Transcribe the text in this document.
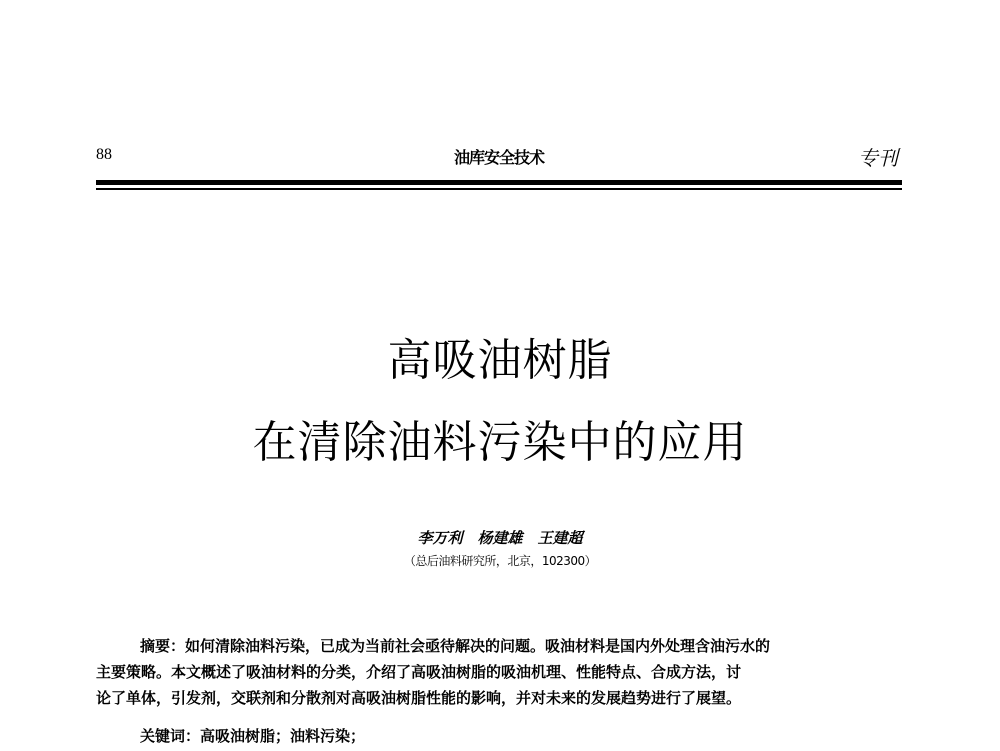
88	油库安全技术	专刊
高吸油树脂
在清除油料污染中的应用
李万利　杨建雄　王建超
（总后油料研究所，北京，102300）
摘要：如何清除油料污染，已成为当前社会亟待解决的问题。吸油材料是国内外处理含油污水的
主要策略。本文概述了吸油材料的分类，介绍了高吸油树脂的吸油机理、性能特点、合成方法，讨
论了单体，引发剂，交联剂和分散剂对高吸油树脂性能的影响，并对未来的发展趋势进行了展望。
关键词：高吸油树脂；油料污染；
